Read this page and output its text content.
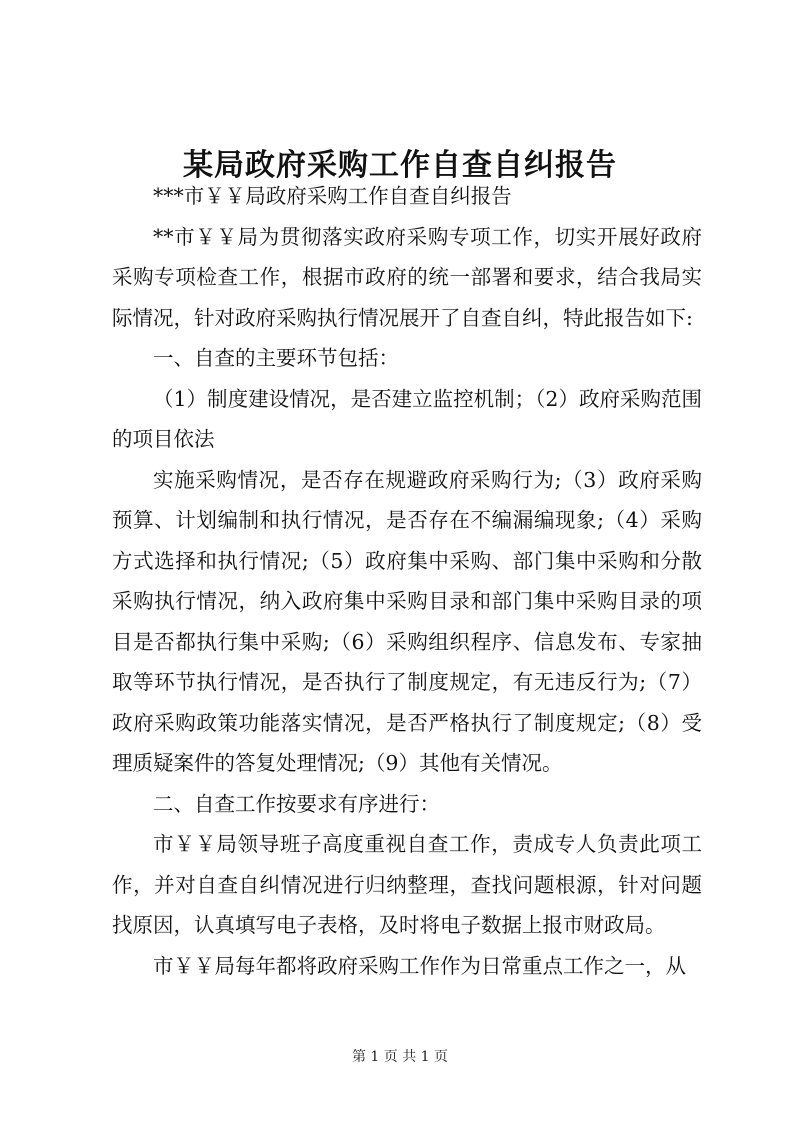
某局政府采购工作自查自纠报告

***市￥￥局政府采购工作自查自纠报告

**市￥￥局为贯彻落实政府采购专项工作，切实开展好政府采购专项检查工作，根据市政府的统一部署和要求，结合我局实际情况，针对政府采购执行情况展开了自查自纠，特此报告如下:

一、自查的主要环节包括：

（1）制度建设情况，是否建立监控机制；（2）政府采购范围的项目依法

实施采购情况，是否存在规避政府采购行为;（3）政府采购预算、计划编制和执行情况，是否存在不编漏编现象;（4）采购方式选择和执行情况;（5）政府集中采购、部门集中采购和分散采购执行情况，纳入政府集中采购目录和部门集中采购目录的项目是否都执行集中采购;（6）采购组织程序、信息发布、专家抽取等环节执行情况，是否执行了制度规定，有无违反行为;（7）政府采购政策功能落实情况，是否严格执行了制度规定;（8）受理质疑案件的答复处理情况;（9）其他有关情况。

二、自查工作按要求有序进行：

市￥￥局领导班子高度重视自查工作，责成专人负责此项工作，并对自查自纠情况进行归纳整理，查找问题根源，针对问题找原因，认真填写电子表格，及时将电子数据上报市财政局。

市￥￥局每年都将政府采购工作作为日常重点工作之一，从

第 1 页 共 1 页
